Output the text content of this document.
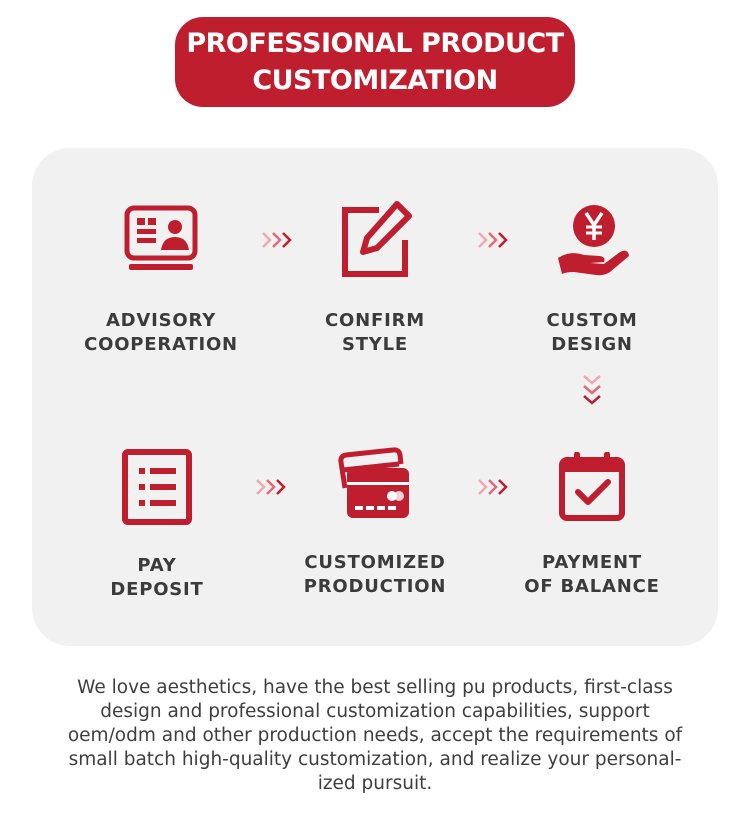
PROFESSIONAL PRODUCT
CUSTOMIZATION
ADVISORY
COOPERATION
CONFIRM
STYLE
CUSTOM
DESIGN
PAY
DEPOSIT
CUSTOMIZED
PRODUCTION
PAYMENT
OF BALANCE
We love aesthetics, have the best selling pu products, first-class
design and professional customization capabilities, support
oem/odm and other production needs, accept the requirements of
small batch high-quality customization, and realize your personal-
ized pursuit.
